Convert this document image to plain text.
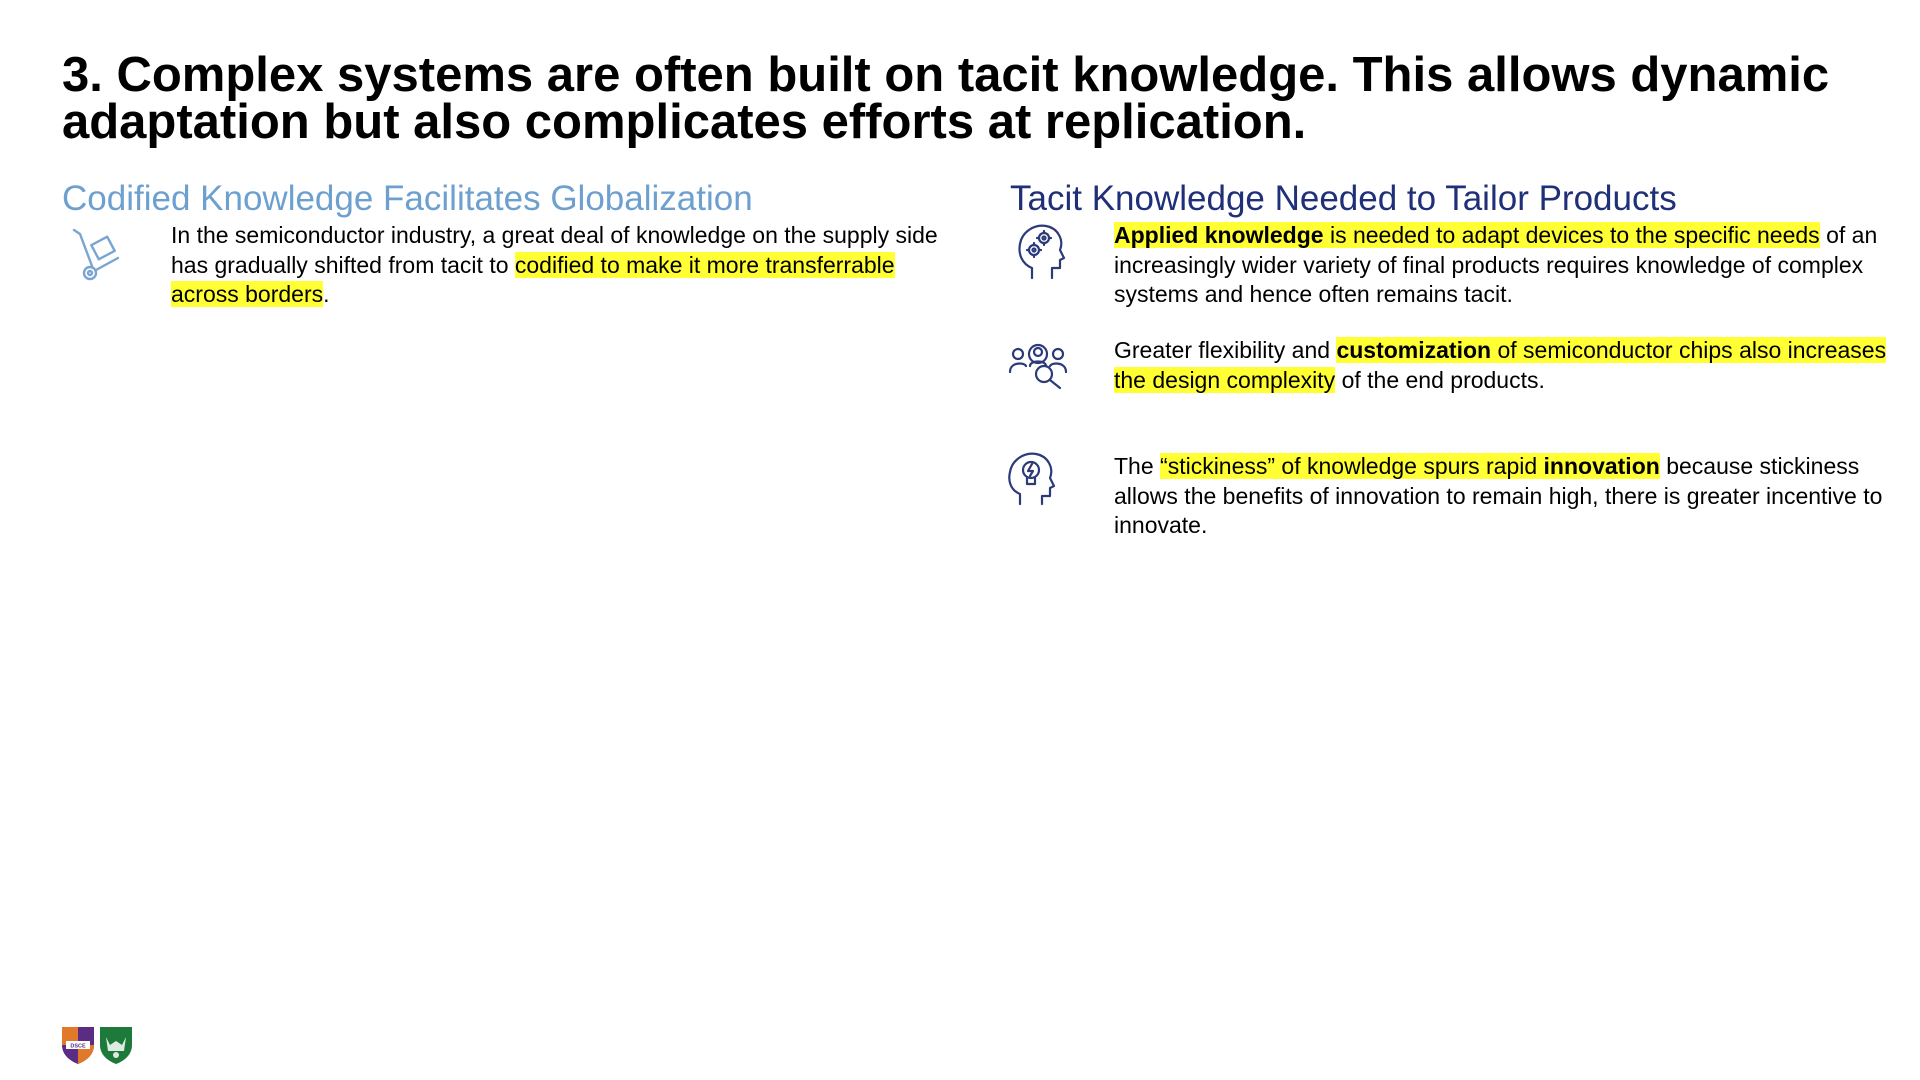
3. Complex systems are often built on tacit knowledge. This allows dynamic adaptation but also complicates efforts at replication.
Codified Knowledge Facilitates Globalization
In the semiconductor industry, a great deal of knowledge on the supply side has gradually shifted from tacit to codified to make it more transferrable across borders.
Tacit Knowledge Needed to Tailor Products
Applied knowledge is needed to adapt devices to the specific needs of an increasingly wider variety of final products requires knowledge of complex systems and hence often remains tacit.
Greater flexibility and customization of semiconductor chips also increases the design complexity of the end products.
The “stickiness” of knowledge spurs rapid innovation because stickiness allows the benefits of innovation to remain high, there is greater incentive to innovate.
DSCE
